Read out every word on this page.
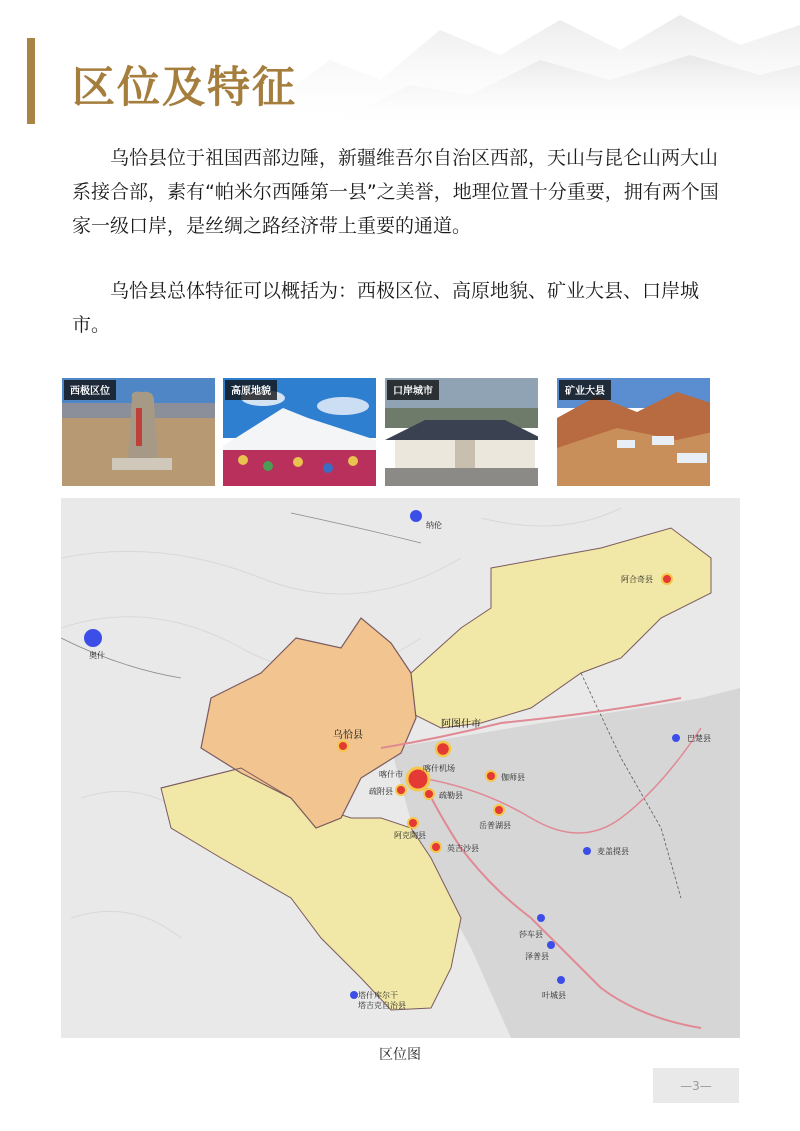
区位及特征

乌恰县位于祖国西部边陲，新疆维吾尔自治区西部，天山与昆仑山两大山系接合部，素有“帕米尔西陲第一县”之美誉，地理位置十分重要，拥有两个国家一级口岸，是丝绸之路经济带上重要的通道。

乌恰县总体特征可以概括为：西极区位、高原地貌、矿业大县、口岸城市。

西极区位	高原地貌	口岸城市	矿业大县
纳伦
奥什
阿合奇县
乌恰县
阿图什市
喀什市
喀什机场
伽师县
疏附县	疏勒县
岳普湖县
阿克陶县
英吉沙县
巴楚县
麦盖提县
莎车县
泽普县
叶城县
塔什库尔干
塔吉克自治县

区位图

—3—
